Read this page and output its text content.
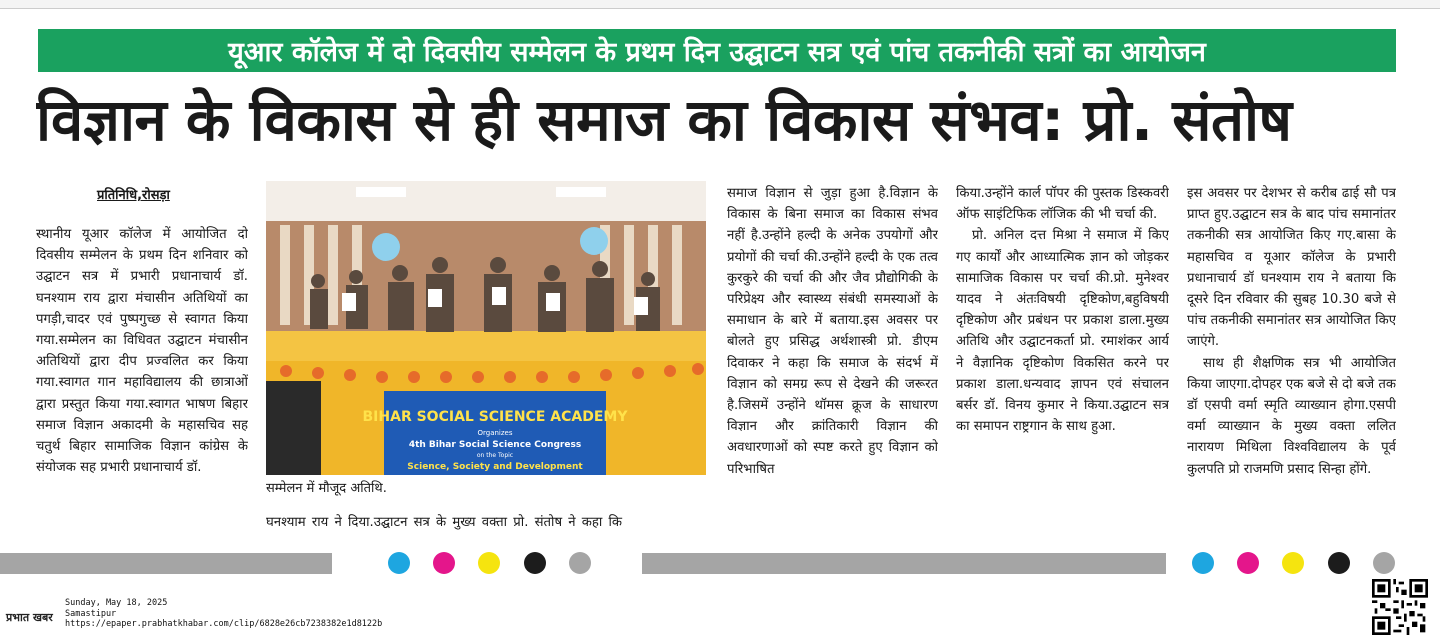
यूआर कॉलेज में दो दिवसीय सम्मेलन के प्रथम दिन उद्घाटन सत्र एवं पांच तकनीकी सत्रों का आयोजन
विज्ञान के विकास से ही समाज का विकास संभव: प्रो. संतोष
प्रतिनिधि,रोसड़ा

स्थानीय यूआर कॉलेज में आयोजित दो दिवसीय सम्मेलन के प्रथम दिन शनिवार को उद्घाटन सत्र में प्रभारी प्रधानाचार्य डॉ. घनश्याम राय द्वारा मंचासीन अतिथियों का पगड़ी,चादर एवं पुष्पगुच्छ से स्वागत किया गया.सम्मेलन का विधिवत उद्घाटन मंचासीन अतिथियों द्वारा दीप प्रज्वलित कर किया गया.स्वागत गान महाविद्यालय की छात्राओं द्वारा प्रस्तुत किया गया.स्वागत भाषण बिहार समाज विज्ञान अकादमी के महासचिव सह चतुर्थ बिहार सामाजिक विज्ञान कांग्रेस के संयोजक सह प्रभारी प्रधानाचार्य डॉ.

BIHAR SOCIAL SCIENCE ACADEMY
Organizes
4th Bihar Social Science Congress
on the Topic
Science, Society and Development
सम्मेलन में मौजूद अतिथि.
घनश्याम राय ने दिया.उद्घाटन सत्र के मुख्य वक्ता प्रो. संतोष ने कहा कि

समाज विज्ञान से जुड़ा हुआ है.विज्ञान के विकास के बिना समाज का विकास संभव नहीं है.उन्होंने हल्दी के अनेक उपयोगों और प्रयोगों की चर्चा की.उन्होंने हल्दी के एक तत्व कुरकुरे की चर्चा की और जैव प्रौद्योगिकी के परिप्रेक्ष्य और स्वास्थ्य संबंधी समस्याओं के समाधान के बारे में बताया.इस अवसर पर बोलते हुए प्रसिद्ध अर्थशास्त्री प्रो. डीएम दिवाकर ने कहा कि समाज के संदर्भ में विज्ञान को समग्र रूप से देखने की जरूरत है.जिसमें उन्होंने थॉमस क्रूज के साधारण विज्ञान और क्रांतिकारी विज्ञान की अवधारणाओं को स्पष्ट करते हुए विज्ञान को परिभाषित

किया.उन्होंने कार्ल पॉपर की पुस्तक डिस्कवरी ऑफ साइंटिफिक लॉजिक की भी चर्चा की.

प्रो. अनिल दत्त मिश्रा ने समाज में किए गए कार्यों और आध्यात्मिक ज्ञान को जोड़कर सामाजिक विकास पर चर्चा की.प्रो. मुनेश्वर यादव ने अंतःविषयी दृष्टिकोण,बहुविषयी दृष्टिकोण और प्रबंधन पर प्रकाश डाला.मुख्य अतिथि और उद्घाटनकर्ता प्रो. रमाशंकर आर्य ने वैज्ञानिक दृष्टिकोण विकसित करने पर प्रकाश डाला.धन्यवाद ज्ञापन एवं संचालन बर्सर डॉ. विनय कुमार ने किया.उद्घाटन सत्र का समापन राष्ट्रगान के साथ हुआ.

इस अवसर पर देशभर से करीब ढाई सौ पत्र प्राप्त हुए.उद्घाटन सत्र के बाद पांच समानांतर तकनीकी सत्र आयोजित किए गए.बासा के महासचिव व यूआर कॉलेज के प्रभारी प्रधानाचार्य डॉ घनश्याम राय ने बताया कि दूसरे दिन रविवार की सुबह 10.30 बजे से पांच तकनीकी समानांतर सत्र आयोजित किए जाएंगे.

साथ ही शैक्षणिक सत्र भी आयोजित किया जाएगा.दोपहर एक बजे से दो बजे तक डॉ एसपी वर्मा स्मृति व्याख्यान होगा.एसपी वर्मा व्याख्यान के मुख्य वक्ता ललित नारायण मिथिला विश्वविद्यालय के पूर्व कुलपति प्रो राजमणि प्रसाद सिन्हा होंगे.

प्रभात खबर
Sunday, May 18, 2025
Samastipur
https://epaper.prabhatkhabar.com/clip/6828e26cb7238382e1d8122b
